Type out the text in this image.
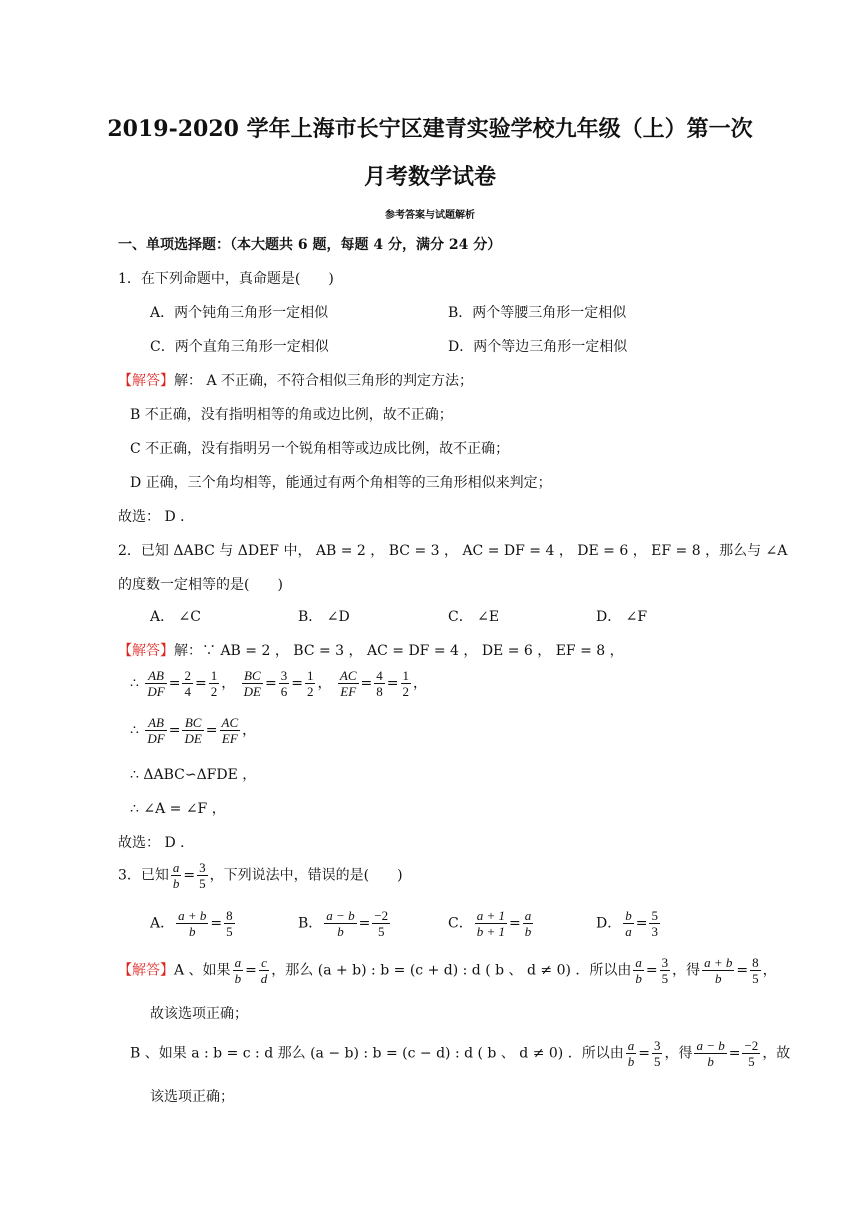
2019-2020 学年上海市长宁区建青实验学校九年级（上）第一次
月考数学试卷
参考答案与试题解析
一、单项选择题：（本大题共 6 题，每题 4 分，满分 24 分）
1．在下列命题中，真命题是(　　)
A．两个钝角三角形一定相似	B．两个等腰三角形一定相似
C．两个直角三角形一定相似	D．两个等边三角形一定相似
【解答】解： A 不正确，不符合相似三角形的判定方法；
B 不正确，没有指明相等的角或边比例，故不正确；
C 不正确，没有指明另一个锐角相等或边成比例，故不正确；
D 正确，三个角均相等，能通过有两个角相等的三角形相似来判定；
故选： D ．
2．已知 ΔABC 与 ΔDEF 中， AB = 2 ， BC = 3 ， AC = DF = 4 ， DE = 6 ， EF = 8 ，那么与 ∠A
的度数一定相等的是(　　)
A． ∠C	B． ∠D	C． ∠E	D． ∠F
【解答】解：∵ AB = 2 ， BC = 3 ， AC = DF = 4 ， DE = 6 ， EF = 8 ，
∴ $\frac{AB}{DF} = \frac{2}{4} = \frac{1}{2}$ ， $\frac{BC}{DE} = \frac{3}{6} = \frac{1}{2}$ ， $\frac{AC}{EF} = \frac{4}{8} = \frac{1}{2}$ ，
∴ $\frac{AB}{DF} = \frac{BC}{DE} = \frac{AC}{EF}$ ，
∴ ΔABC∽ΔFDE ，
∴ ∠A = ∠F ，
故选： D ．
3．已知 $\frac{a}{b} = \frac{3}{5}$ ，下列说法中，错误的是(　　)
A． $\frac{a + b}{b} = \frac{8}{5}$	B． $\frac{a - b}{b} = \frac{-2}{5}$	C． $\frac{a + 1}{b + 1} = \frac{a}{b}$	D． $\frac{b}{a} = \frac{5}{3}$
【解答】A 、如果 $\frac{a}{b} = \frac{c}{d}$ ，那么 (a + b) : b = (c + d) : d ( b 、 d ≠ 0) ．所以由 $\frac{a}{b} = \frac{3}{5}$ ，得 $\frac{a + b}{b} = \frac{8}{5}$ ，
故该选项正确；
B 、如果 a : b = c : d 那么 (a − b) : b = (c − d) : d ( b 、 d ≠ 0) ．所以由 $\frac{a}{b} = \frac{3}{5}$ ，得 $\frac{a - b}{b} = \frac{-2}{5}$ ，故
该选项正确；
